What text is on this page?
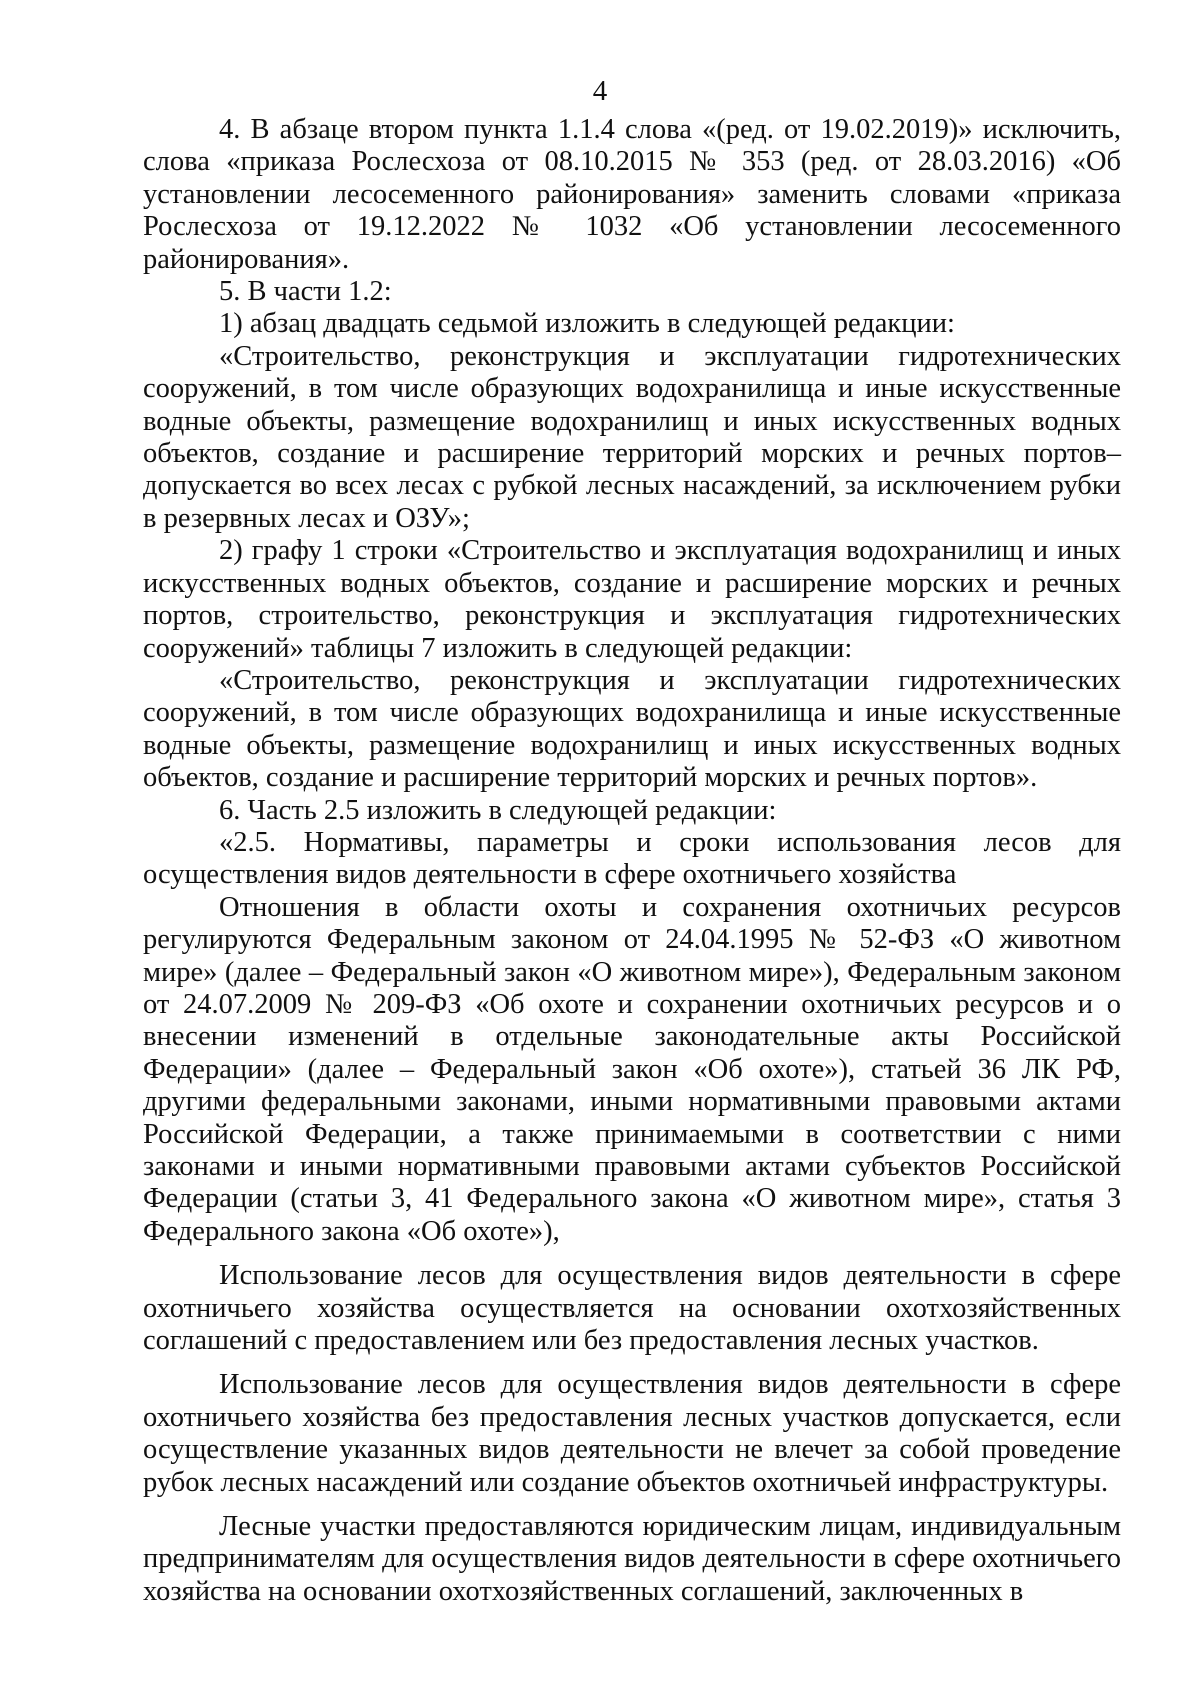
4

4. В абзаце втором пункта 1.1.4 слова «(ред. от 19.02.2019)» исключить, слова «приказа Рослесхоза от 08.10.2015 № 353 (ред. от 28.03.2016) «Об установлении лесосеменного районирования» заменить словами «приказа Рослесхоза от 19.12.2022 № 1032 «Об установлении лесосеменного районирования».

5. В части 1.2:

1) абзац двадцать седьмой изложить в следующей редакции:

«Строительство, реконструкция и эксплуатации гидротехнических сооружений, в том числе образующих водохранилища и иные искусственные водные объекты, размещение водохранилищ и иных искусственных водных объектов, создание и расширение территорий морских и речных портов– допускается во всех лесах с рубкой лесных насаждений, за исключением рубки в резервных лесах и ОЗУ»;

2) графу 1 строки «Строительство и эксплуатация водохранилищ и иных искусственных водных объектов, создание и расширение морских и речных портов, строительство, реконструкция и эксплуатация гидротехнических сооружений» таблицы 7 изложить в следующей редакции:

«Строительство, реконструкция и эксплуатации гидротехнических сооружений, в том числе образующих водохранилища и иные искусственные водные объекты, размещение водохранилищ и иных искусственных водных объектов, создание и расширение территорий морских и речных портов».

6. Часть 2.5 изложить в следующей редакции:

«2.5. Нормативы, параметры и сроки использования лесов для осуществления видов деятельности в сфере охотничьего хозяйства

Отношения в области охоты и сохранения охотничьих ресурсов регулируются Федеральным законом от 24.04.1995 № 52-ФЗ «О животном мире» (далее – Федеральный закон «О животном мире»), Федеральным законом от 24.07.2009 № 209-ФЗ «Об охоте и сохранении охотничьих ресурсов и о внесении изменений в отдельные законодательные акты Российской Федерации» (далее – Федеральный закон «Об охоте»), статьей 36 ЛК РФ, другими федеральными законами, иными нормативными правовыми актами Российской Федерации, а также принимаемыми в соответствии с ними законами и иными нормативными правовыми актами субъектов Российской Федерации (статьи 3, 41 Федерального закона «О животном мире», статья 3 Федерального закона «Об охоте»),

Использование лесов для осуществления видов деятельности в сфере охотничьего хозяйства осуществляется на основании охотхозяйственных соглашений с предоставлением или без предоставления лесных участков.

Использование лесов для осуществления видов деятельности в сфере охотничьего хозяйства без предоставления лесных участков допускается, если осуществление указанных видов деятельности не влечет за собой проведение рубок лесных насаждений или создание объектов охотничьей инфраструктуры.

Лесные участки предоставляются юридическим лицам, индивидуальным предпринимателям для осуществления видов деятельности в сфере охотничьего хозяйства на основании охотхозяйственных соглашений, заключенных в
